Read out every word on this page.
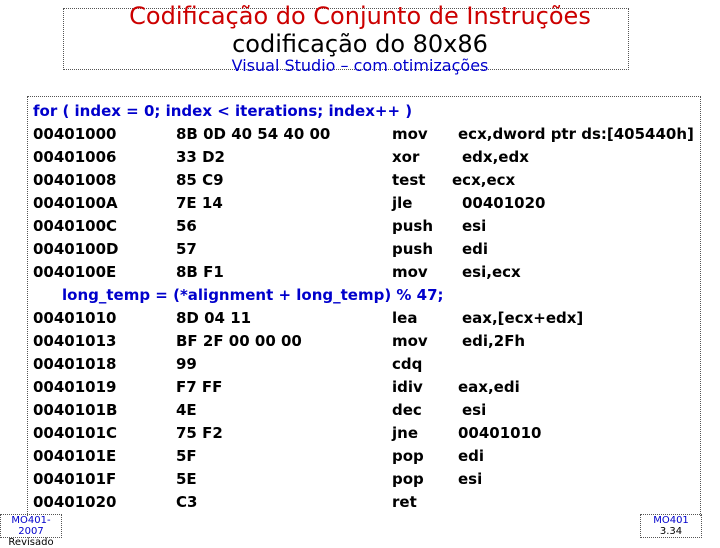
Codificação do Conjunto de Instruções
codificação do 80x86
Visual Studio – com otimizações
for ( index = 0; index < iterations; index++ )
long_temp = (*alignment + long_temp) % 47;
00401000	8B 0D 40 54 40 00	mov ecx,dword ptr ds:[405440h]
00401006	33 D2	xor	edx,edx
00401008	85 C9	test ecx,ecx
0040100A	7E 14	jle	00401020
0040100C	56	push esi
0040100D	57	push edi
0040100E	8B F1	mov esi,ecx
00401010	8D 04 11	lea	eax,[ecx+edx]
00401013	BF 2F 00 00 00	mov edi,2Fh
00401018	99	cdq
00401019	F7 FF	idiv eax,edi
0040101B	4E	dec	esi
0040101C	75 F2	jne	00401010
0040101E	5F	pop edi
0040101F	5E	pop esi
00401020	C3	ret
MO401-2007
Revisado
MO401
3.34
